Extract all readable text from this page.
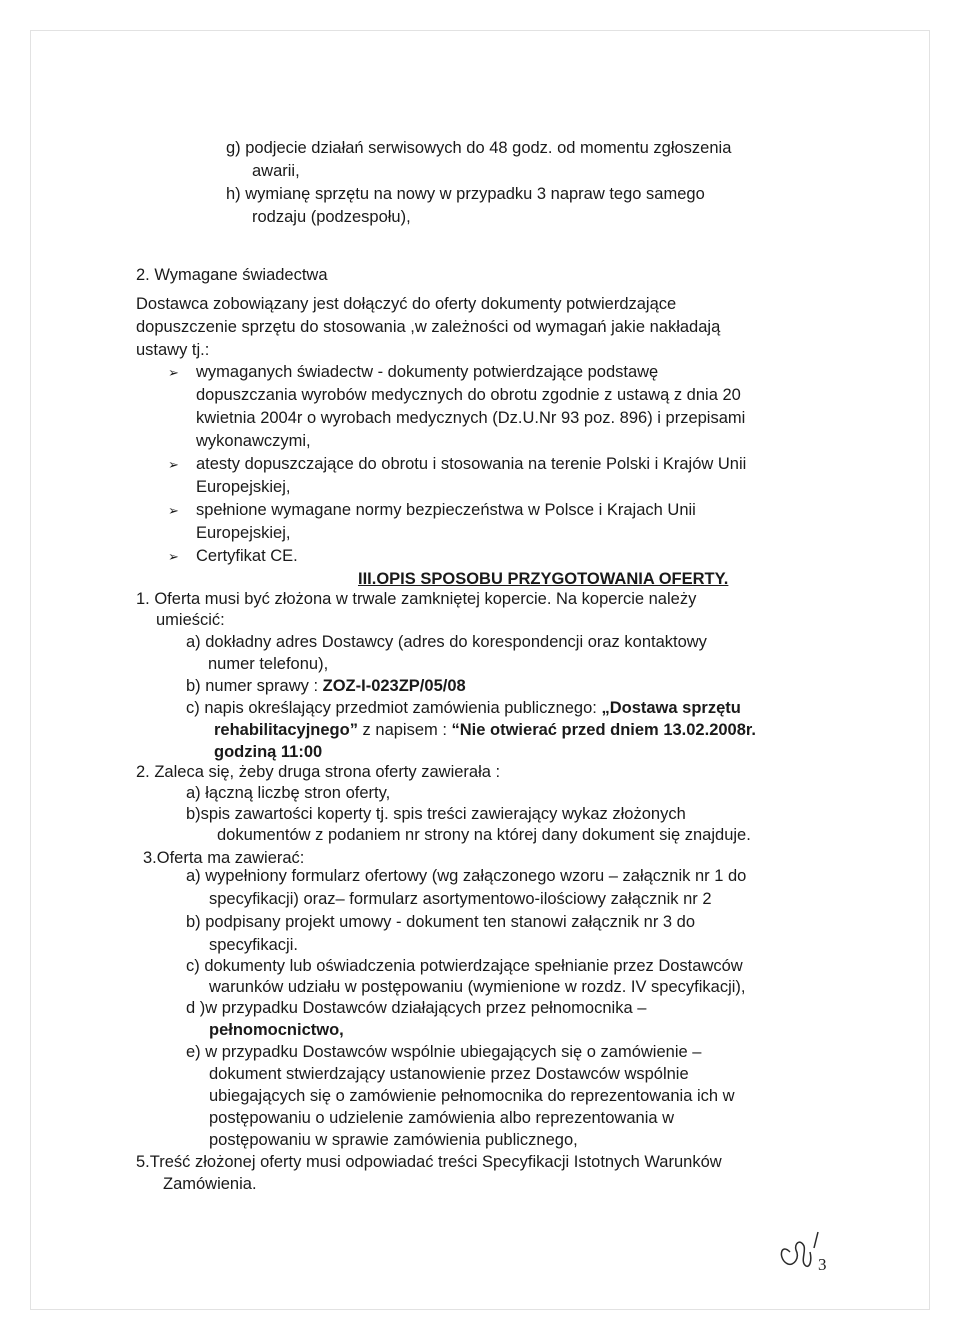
g) podjecie działań serwisowych do 48 godz. od momentu zgłoszenia
awarii,
h) wymianę sprzętu na nowy w przypadku 3 napraw tego samego
rodzaju (podzespołu),
2. Wymagane świadectwa
Dostawca zobowiązany jest dołączyć do oferty dokumenty potwierdzające
dopuszczenie sprzętu do stosowania ,w zależności od wymagań jakie nakładają
ustawy tj.:
➢ wymaganych świadectw - dokumenty potwierdzające podstawę
dopuszczania wyrobów medycznych do obrotu zgodnie z ustawą z dnia 20
kwietnia 2004r o wyrobach medycznych (Dz.U.Nr 93 poz. 896) i przepisami
wykonawczymi,
➢ atesty dopuszczające do obrotu i stosowania na terenie Polski i Krajów Unii
Europejskiej,
➢ spełnione wymagane normy bezpieczeństwa w Polsce i Krajach Unii
Europejskiej,
➢ Certyfikat CE.
III.OPIS SPOSOBU PRZYGOTOWANIA OFERTY.
1. Oferta musi być złożona w trwale zamkniętej kopercie. Na kopercie należy
umieścić:
a) dokładny adres Dostawcy (adres do korespondencji oraz kontaktowy
numer telefonu),
b) numer sprawy : ZOZ-I-023ZP/05/08
c) napis określający przedmiot zamówienia publicznego: „Dostawa sprzętu
rehabilitacyjnego” z napisem : “Nie otwierać przed dniem 13.02.2008r.
godziną 11:00
2. Zaleca się, żeby druga strona oferty zawierała :
a) łączną liczbę stron oferty,
b)spis zawartości koperty tj. spis treści zawierający wykaz złożonych
dokumentów z podaniem nr strony na której dany dokument się znajduje.
3.Oferta ma zawierać:
a) wypełniony formularz ofertowy (wg załączonego wzoru – załącznik nr 1 do
specyfikacji) oraz– formularz asortymentowo-ilościowy załącznik nr 2
b) podpisany projekt umowy - dokument ten stanowi załącznik nr 3 do
specyfikacji.
c) dokumenty lub oświadczenia potwierdzające spełnianie przez Dostawców
warunków udziału w postępowaniu (wymienione w rozdz. IV specyfikacji),
d )w przypadku Dostawców działających przez pełnomocnika –
pełnomocnictwo,
e) w przypadku Dostawców wspólnie ubiegających się o zamówienie –
dokument stwierdzający ustanowienie przez Dostawców wspólnie
ubiegających się o zamówienie pełnomocnika do reprezentowania ich w
postępowaniu o udzielenie zamówienia albo reprezentowania w
postępowaniu w sprawie zamówienia publicznego,
5.Treść złożonej oferty musi odpowiadać treści Specyfikacji Istotnych Warunków
Zamówienia.
3
